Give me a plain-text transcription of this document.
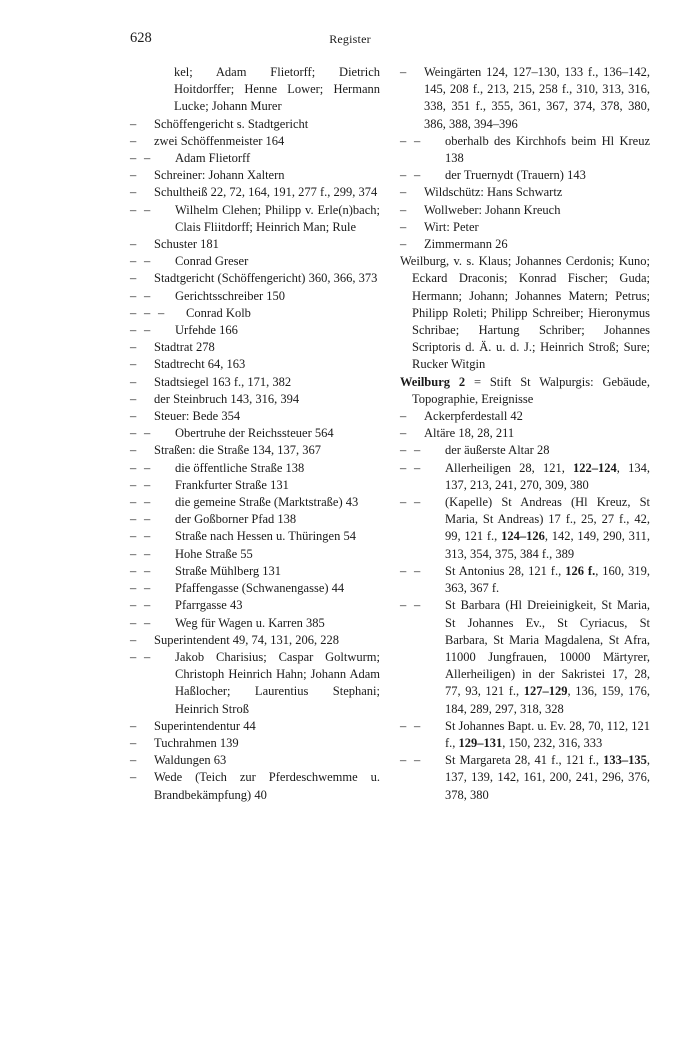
628	Register
kel; Adam Flietorff; Dietrich Hoitdorffer; Henne Lower; Hermann Lucke; Johann Murer
– Schöffengericht s. Stadtgericht
– zwei Schöffenmeister 164
– – Adam Flietorff
– Schreiner: Johann Xaltern
– Schultheiß 22, 72, 164, 191, 277 f., 299, 374
– – Wilhelm Clehen; Philipp v. Erle(n)bach; Clais Fliitdorff; Heinrich Man; Rule
– Schuster 181
– – Conrad Greser
– Stadtgericht (Schöffengericht) 360, 366, 373
– – Gerichtsschreiber 150
– – – Conrad Kolb
– – Urfehde 166
– Stadtrat 278
– Stadtrecht 64, 163
– Stadtsiegel 163 f., 171, 382
– der Steinbruch 143, 316, 394
– Steuer: Bede 354
– – Obertruhe der Reichssteuer 564
– Straßen: die Straße 134, 137, 367
– – die öffentliche Straße 138
– – Frankfurter Straße 131
– – die gemeine Straße (Marktstraße) 43
– – der Goßborner Pfad 138
– – Straße nach Hessen u. Thüringen 54
– – Hohe Straße 55
– – Straße Mühlberg 131
– – Pfaffengasse (Schwanengasse) 44
– – Pfarrgasse 43
– – Weg für Wagen u. Karren 385
– Superintendent 49, 74, 131, 206, 228
– – Jakob Charisius; Caspar Goltwurm; Christoph Heinrich Hahn; Johann Adam Haßlocher; Laurentius Stephani; Heinrich Stroß
– Superintendentur 44
– Tuchrahmen 139
– Waldungen 63
– Wede (Teich zur Pferdeschwemme u. Brandbekämpfung) 40
– Weingärten 124, 127–130, 133 f., 136–142, 145, 208 f., 213, 215, 258 f., 310, 313, 316, 338, 351 f., 355, 361, 367, 374, 378, 380, 386, 388, 394–396
– – oberhalb des Kirchhofs beim Hl Kreuz 138
– – der Truernydt (Trauern) 143
– Wildschütz: Hans Schwartz
– Wollweber: Johann Kreuch
– Wirt: Peter
– Zimmermann 26
Weilburg, v. s. Klaus; Johannes Cerdonis; Kuno; Eckard Draconis; Konrad Fischer; Guda; Hermann; Johann; Johannes Matern; Petrus; Philipp Roleti; Philipp Schreiber; Hieronymus Schribae; Hartung Schriber; Johannes Scriptoris d. Ä. u. d. J.; Heinrich Stroß; Sure; Rucker Witgin
Weilburg 2 = Stift St Walpurgis: Gebäude, Topographie, Ereignisse
– Ackerpferdestall 42
– Altäre 18, 28, 211
– – der äußerste Altar 28
– – Allerheiligen 28, 121, 122–124, 134, 137, 213, 241, 270, 309, 380
– – (Kapelle) St Andreas (Hl Kreuz, St Maria, St Andreas) 17 f., 25, 27 f., 42, 99, 121 f., 124–126, 142, 149, 290, 311, 313, 354, 375, 384 f., 389
– – St Antonius 28, 121 f., 126 f., 160, 319, 363, 367 f.
– – St Barbara (Hl Dreieinigkeit, St Maria, St Johannes Ev., St Cyriacus, St Barbara, St Maria Magdalena, St Afra, 11000 Jungfrauen, 10000 Märtyrer, Allerheiligen) in der Sakristei 17, 28, 77, 93, 121 f., 127–129, 136, 159, 176, 184, 289, 297, 318, 328
– – St Johannes Bapt. u. Ev. 28, 70, 112, 121 f., 129–131, 150, 232, 316, 333
– – St Margareta 28, 41 f., 121 f., 133–135, 137, 139, 142, 161, 200, 241, 296, 376, 378, 380
